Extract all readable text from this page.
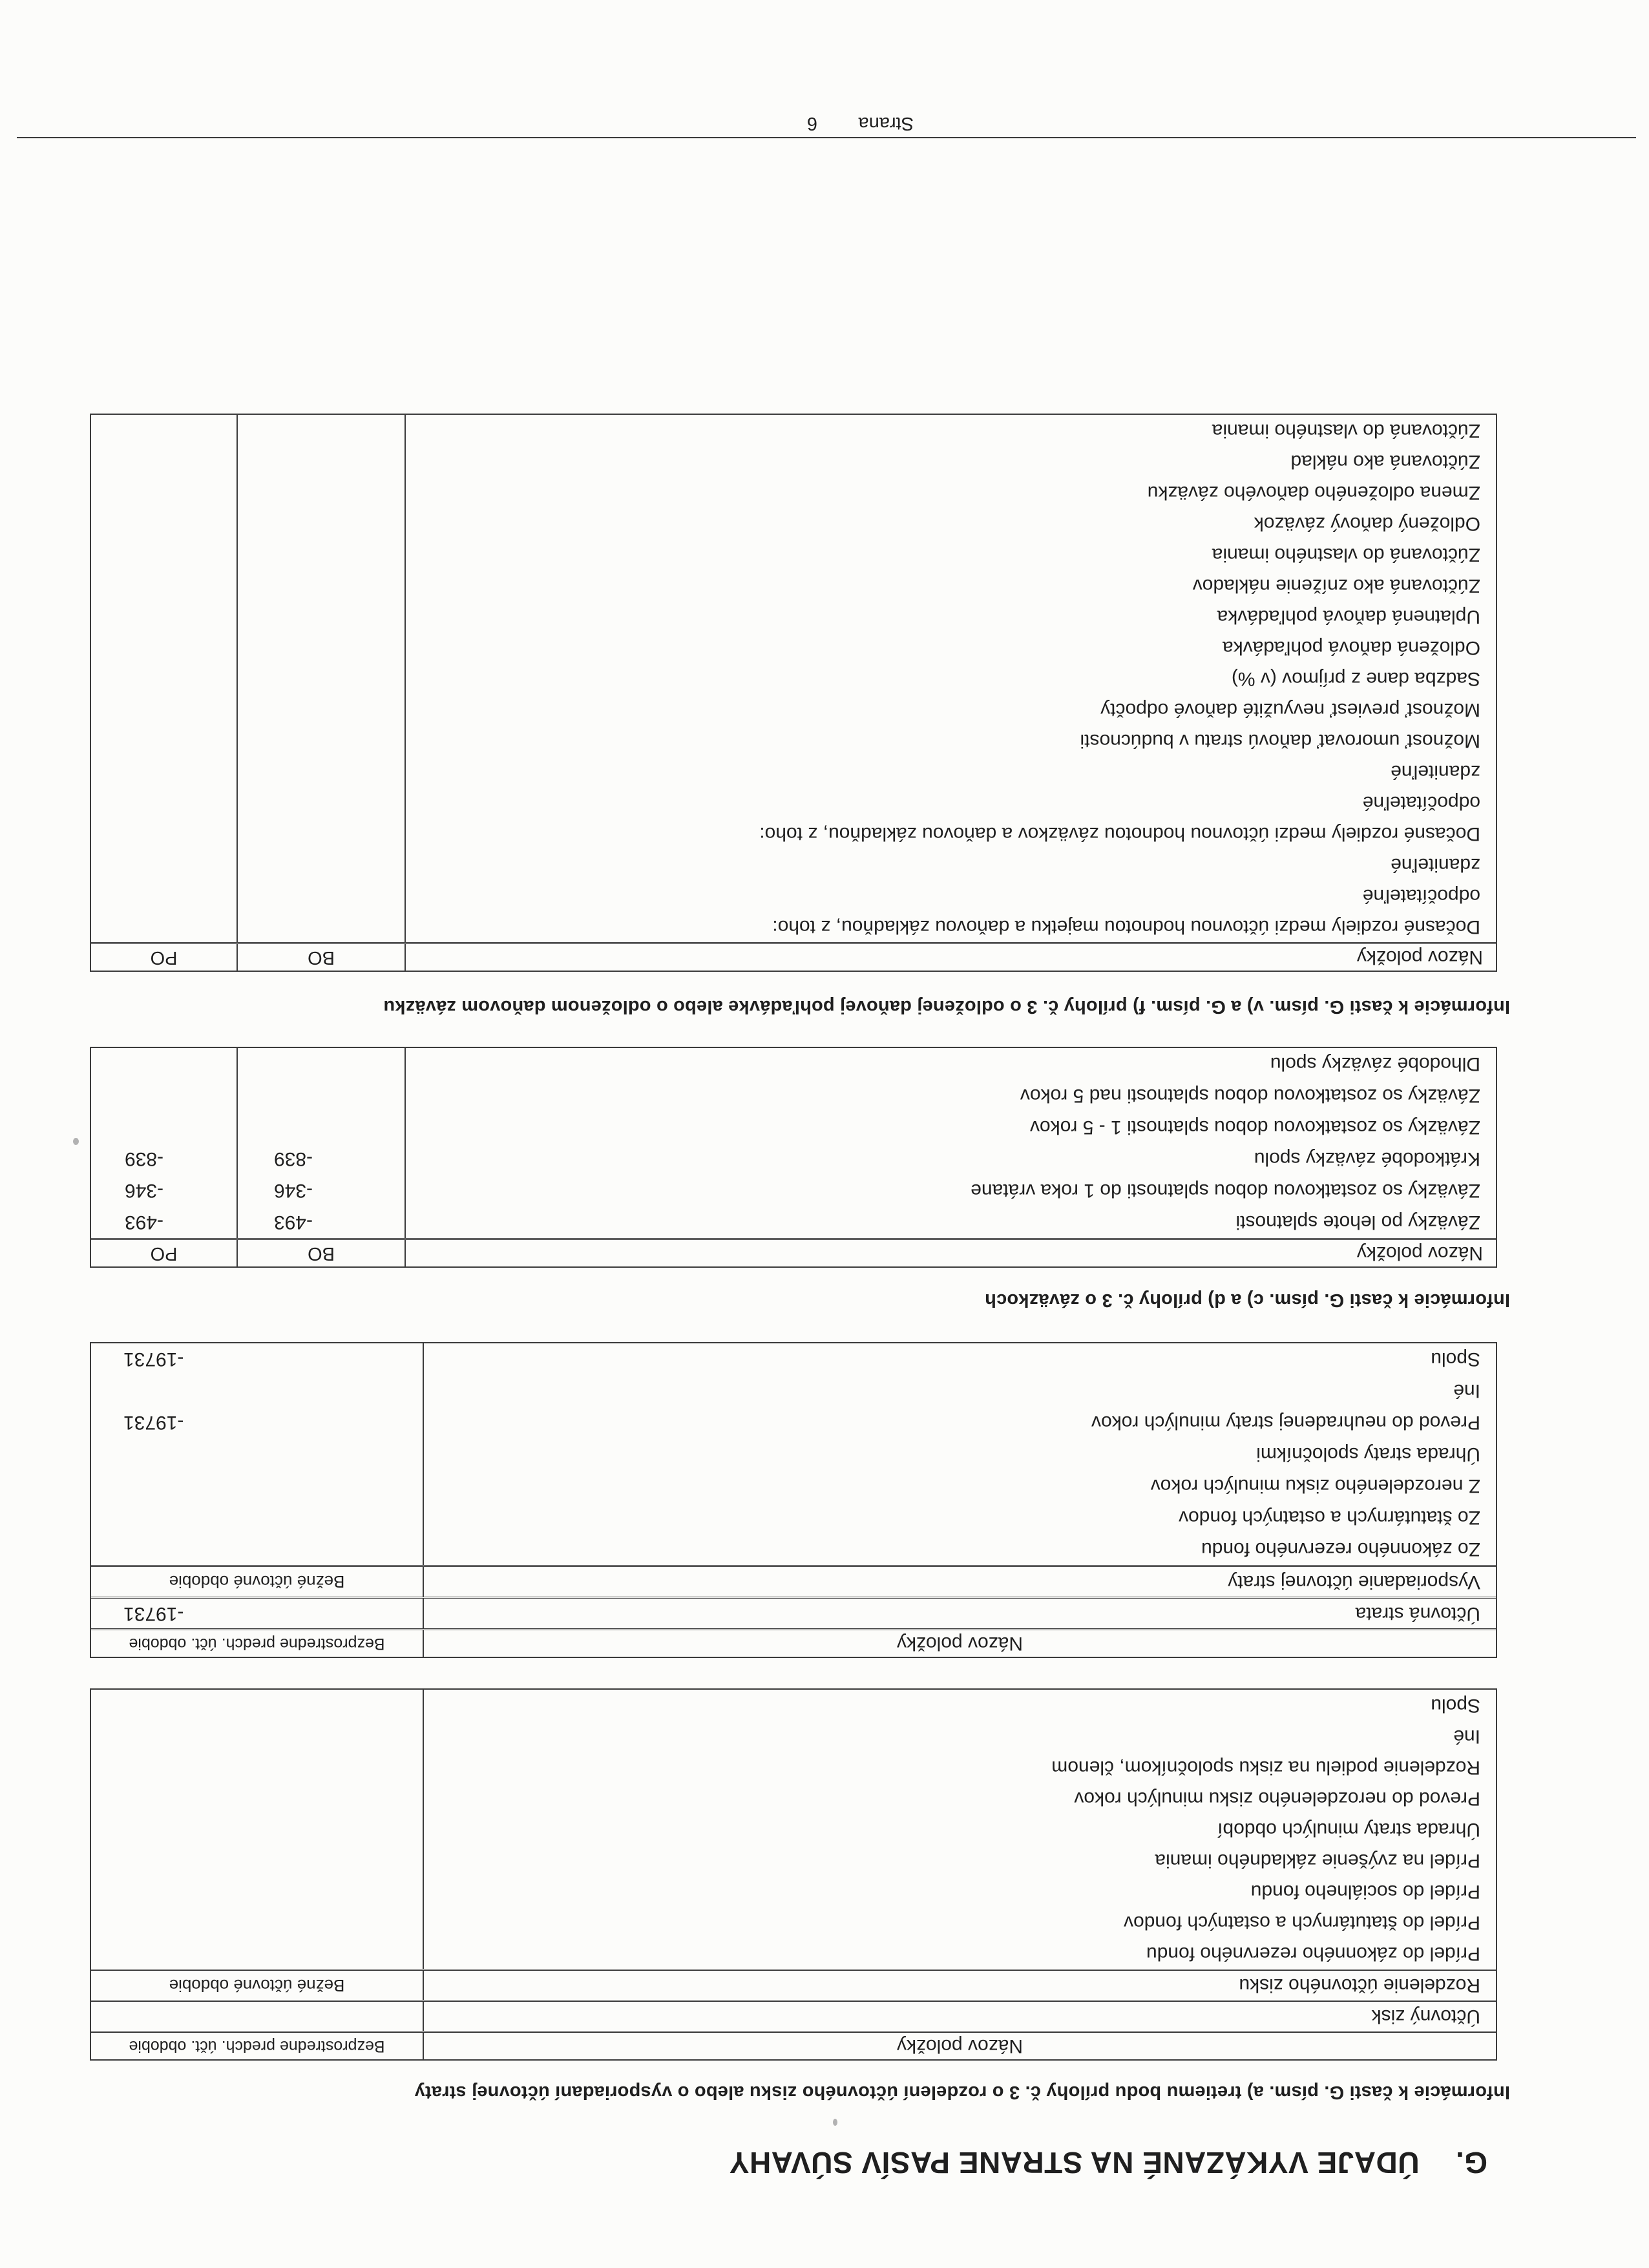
G.
ÚDAJE VYKÁZANÉ NA STRANE PASÍV SÚVAHY
Informácie k časti G. písm. a) tretiemu bodu prílohy č. 3 o rozdelení účtovného zisku alebo o vysporiadaní účtovnej straty
Názov položky
Bezprostredne predch. účt. obdobie
Účtovný zisk
Rozdelenie účtovného zisku
Bežné účtovné obdobie
Prídel do zákonného rezervného fondu
Prídel do štatutárnych a ostatných fondov
Prídel do sociálneho fondu
Prídel na zvýšenie základného imania
Úhrada straty minulých období
Prevod do nerozdeleného zisku minulých rokov
Rozdelenie podielu na zisku spoločníkom, členom
Iné
Spolu
Názov položky
Bezprostredne predch. účt. obdobie
Účtovná strata
-19731
Vysporiadanie účtovnej straty
Bežné účtovné obdobie
Zo zákonného rezervného fondu
Zo štatutárnych a ostatných fondov
Z nerozdeleného zisku minulých rokov
Úhrada straty spoločníkmi
Prevod do neuhradenej straty minulých rokov
-19731
Iné
Spolu
-19731
Informácie k časti G. písm. c) a d) prílohy č. 3 o záväzkoch
Názov položky
BO
PO
Záväzky po lehote splatnosti
-493
-493
Záväzky so zostatkovou dobou splatnosti do 1 roka vrátane
-346
-346
Krátkodobé záväzky spolu
-839
-839
Záväzky so zostatkovou dobou splatnosti 1 - 5 rokov
Záväzky so zostatkovou dobou splatnosti nad 5 rokov
Dlhodobé záväzky spolu
Informácie k časti G. písm. v) a G. písm. f) prílohy č. 3 o odloženej daňovej pohľadávke alebo o odloženom daňovom záväzku
Názov položky
BO
PO
Dočasné rozdiely medzi účtovnou hodnotou majetku a daňovou základňou, z toho:
odpočítateľné
zdaniteľné
Dočasné rozdiely medzi účtovnou hodnotou záväzkov a daňovou základňou, z toho:
odpočítateľné
zdaniteľné
Možnosť umorovať daňovú stratu v budúcnosti
Možnosť previesť nevyužité daňové odpočty
Sadzba dane z príjmov (v %)
Odložená daňová pohľadávka
Uplatnená daňová pohľadávka
Zúčtovaná ako zníženie nákladov
Zúčtovaná do vlastného imania
Odložený daňový záväzok
Zmena odloženého daňového záväzku
Zúčtovaná ako náklad
Zúčtovaná do vlastného imania
Strana
6
